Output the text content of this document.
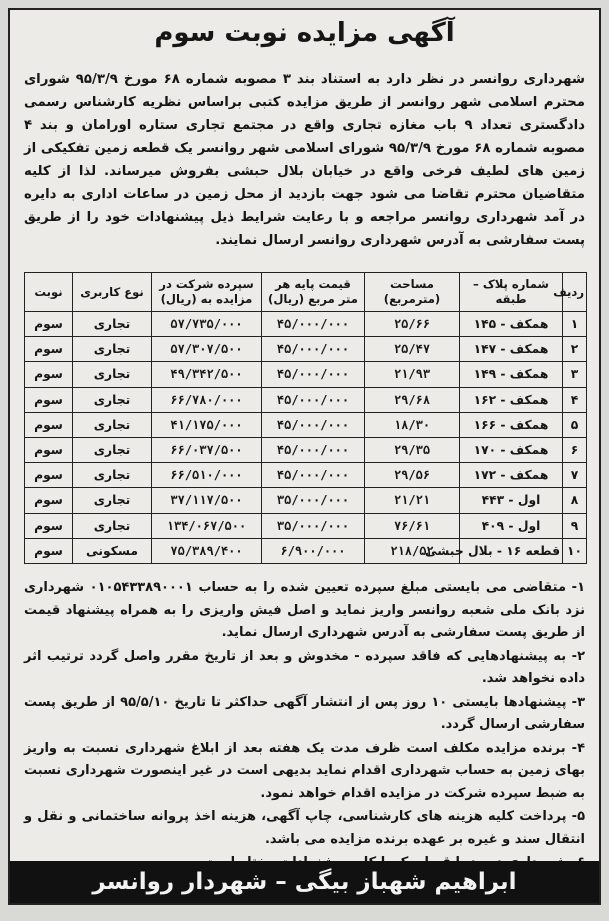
آگهی مزایده نوبت سوم
شهرداری روانسر در نظر دارد به استناد بند ۳ مصوبه شماره ۶۸ مورخ ۹۵/۳/۹ شورای محترم اسلامی شهر روانسر از طریق مزایده کتبی براساس نظریه کارشناس رسمی دادگستری تعداد ۹ باب مغازه تجاری واقع در مجتمع تجاری ستاره اورامان و بند ۴ مصوبه شماره ۶۸ مورخ ۹۵/۳/۹ شورای اسلامی شهر روانسر یک قطعه زمین تفکیکی از زمین های لطیف فرخی واقع در خیابان بلال حبشی بفروش میرساند. لذا از کلیه متقاضیان محترم تقاضا می شود جهت بازدید از محل زمین در ساعات اداری به دایره در آمد شهرداری روانسر مراجعه و با رعایت شرایط ذیل پیشنهادات خود را از طریق پست سفارشی به آدرس شهرداری روانسر ارسال نمایند.
ردیف	شماره پلاک – طبقه	مساحت (مترمربع)	قیمت پایه هر متر مربع (ریال)	سپرده شرکت در مزایده به (ریال)	نوع کاربری	نوبت
۱	همکف - ۱۴۵	۲۵/۶۶	۴۵/۰۰۰/۰۰۰	۵۷/۷۳۵/۰۰۰	تجاری	سوم
۲	همکف - ۱۴۷	۲۵/۴۷	۴۵/۰۰۰/۰۰۰	۵۷/۳۰۷/۵۰۰	تجاری	سوم
۳	همکف - ۱۴۹	۲۱/۹۳	۴۵/۰۰۰/۰۰۰	۴۹/۳۴۲/۵۰۰	تجاری	سوم
۴	همکف - ۱۶۲	۲۹/۶۸	۴۵/۰۰۰/۰۰۰	۶۶/۷۸۰/۰۰۰	تجاری	سوم
۵	همکف - ۱۶۶	۱۸/۳۰	۴۵/۰۰۰/۰۰۰	۴۱/۱۷۵/۰۰۰	تجاری	سوم
۶	همکف - ۱۷۰	۲۹/۳۵	۴۵/۰۰۰/۰۰۰	۶۶/۰۳۷/۵۰۰	تجاری	سوم
۷	همکف - ۱۷۲	۲۹/۵۶	۴۵/۰۰۰/۰۰۰	۶۶/۵۱۰/۰۰۰	تجاری	سوم
۸	اول - ۴۴۳	۲۱/۲۱	۳۵/۰۰۰/۰۰۰	۳۷/۱۱۷/۵۰۰	تجاری	سوم
۹	اول - ۴۰۹	۷۶/۶۱	۳۵/۰۰۰/۰۰۰	۱۳۴/۰۶۷/۵۰۰	تجاری	سوم
۱۰	قطعه ۱۶ - بلال حبشی	۲۱۸/۵۲	۶/۹۰۰/۰۰۰	۷۵/۳۸۹/۴۰۰	مسکونی	سوم

۱- متقاضی می بایستی مبلغ سپرده تعیین شده را به حساب ۰۱۰۵۴۳۳۸۹۰۰۰۱ شهرداری نزد بانک ملی شعبه روانسر واریز نماید و اصل فیش واریزی را به همراه پیشنهاد قیمت از طریق پست سفارشی به آدرس شهرداری ارسال نماید.

۲- به پیشنهادهایی که فاقد سپرده - مخدوش و بعد از تاریخ مقرر واصل گردد ترتیب اثر داده نخواهد شد.

۳- پیشنهادها بایستی ۱۰ روز پس از انتشار آگهی حداکثر تا تاریخ ۹۵/۵/۱۰ از طریق پست سفارشی ارسال گردد.

۴- برنده مزایده مکلف است ظرف مدت یک هفته بعد از ابلاغ شهرداری نسبت به واریز بهای زمین به حساب شهرداری اقدام نماید بدیهی است در غیر اینصورت شهرداری نسبت به ضبط سپرده شرکت در مزایده اقدام خواهد نمود.

۵- پرداخت کلیه هزینه های کارشناسی، چاپ آگهی، هزینه اخذ پروانه ساختمانی و نقل و انتقال سند و غیره بر عهده برنده مزایده می باشد.

ابراهیم شهباز بیگی – شهردار روانسر
